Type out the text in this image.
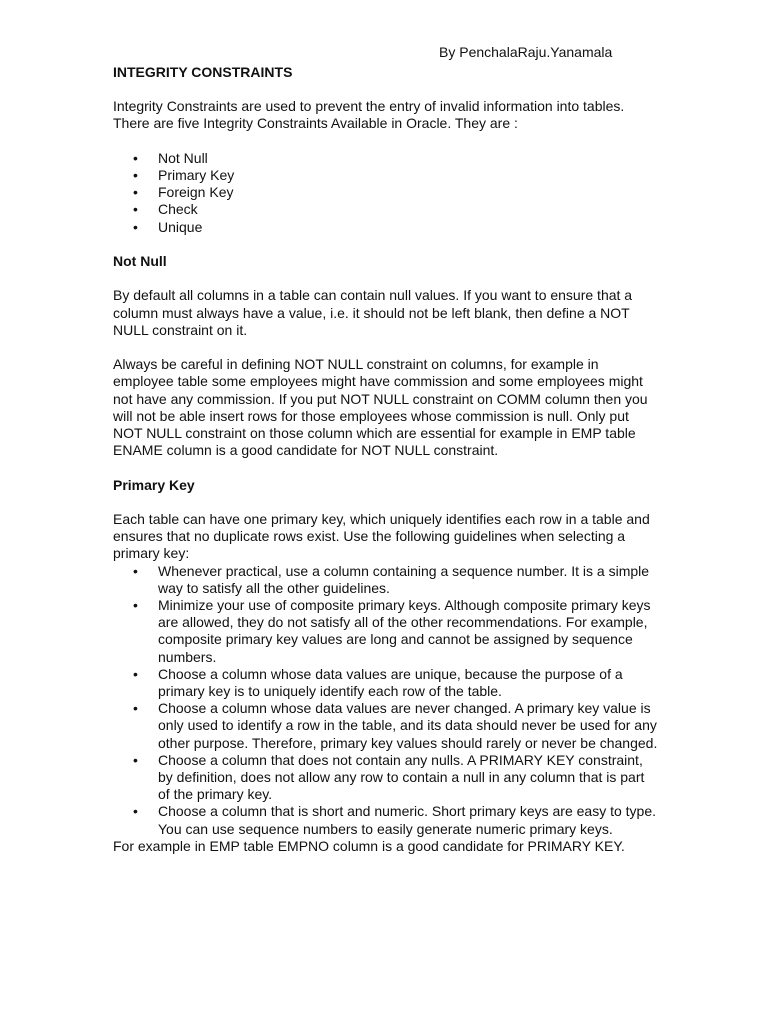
By PenchalaRaju.Yanamala

INTEGRITY CONSTRAINTS

Integrity Constraints are used to prevent the entry of invalid information into tables. There are five Integrity Constraints Available in Oracle. They are :

• Not Null
• Primary Key
• Foreign Key
• Check
• Unique

Not Null

By default all columns in a table can contain null values. If you want to ensure that a column must always have a value, i.e. it should not be left blank, then define a NOT NULL constraint on it.

Always be careful in defining NOT NULL constraint on columns, for example in employee table some employees might have commission and some employees might not have any commission. If you put NOT NULL constraint on COMM column then you will not be able insert rows for those employees whose commission is null. Only put NOT NULL constraint on those column which are essential for example in EMP table ENAME column is a good candidate for NOT NULL constraint.

Primary Key

Each table can have one primary key, which uniquely identifies each row in a table and ensures that no duplicate rows exist. Use the following guidelines when selecting a primary key:

• Whenever practical, use a column containing a sequence number. It is a simple way to satisfy all the other guidelines.
• Minimize your use of composite primary keys. Although composite primary keys are allowed, they do not satisfy all of the other recommendations. For example, composite primary key values are long and cannot be assigned by sequence numbers.
• Choose a column whose data values are unique, because the purpose of a primary key is to uniquely identify each row of the table.
• Choose a column whose data values are never changed. A primary key value is only used to identify a row in the table, and its data should never be used for any other purpose. Therefore, primary key values should rarely or never be changed.
• Choose a column that does not contain any nulls. A PRIMARY KEY constraint, by definition, does not allow any row to contain a null in any column that is part of the primary key.
• Choose a column that is short and numeric. Short primary keys are easy to type. You can use sequence numbers to easily generate numeric primary keys.

For example in EMP table EMPNO column is a good candidate for PRIMARY KEY.
